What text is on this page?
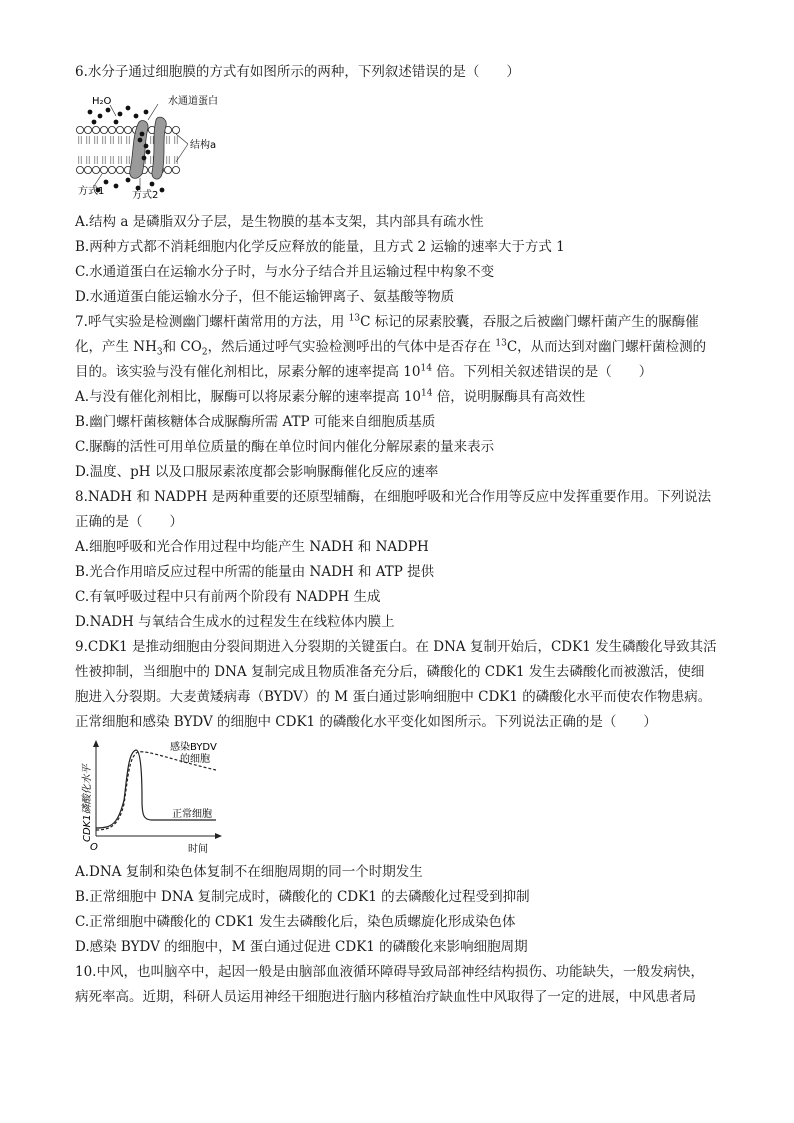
6.水分子通过细胞膜的方式有如图所示的两种，下列叙述错误的是（　　）
H₂O	水通道蛋白
结构a
方式1	方式2
A.结构 a 是磷脂双分子层，是生物膜的基本支架，其内部具有疏水性
B.两种方式都不消耗细胞内化学反应释放的能量，且方式 2 运输的速率大于方式 1
C.水通道蛋白在运输水分子时，与水分子结合并且运输过程中构象不变
D.水通道蛋白能运输水分子，但不能运输钾离子、氨基酸等物质
7.呼气实验是检测幽门螺杆菌常用的方法，用 $^{13}$C 标记的尿素胶囊，吞服之后被幽门螺杆菌产生的脲酶催
化，产生 $NH_3$和 $CO_2$，然后通过呼气实验检测呼出的气体中是否存在 $^{13}$C，从而达到对幽门螺杆菌检测的
目的。该实验与没有催化剂相比，尿素分解的速率提高 $10^{14}$ 倍。下列相关叙述错误的是（　　）
A.与没有催化剂相比，脲酶可以将尿素分解的速率提高 $10^{14}$ 倍，说明脲酶具有高效性
B.幽门螺杆菌核糖体合成脲酶所需 ATP 可能来自细胞质基质
C.脲酶的活性可用单位质量的酶在单位时间内催化分解尿素的量来表示
D.温度、pH 以及口服尿素浓度都会影响脲酶催化反应的速率
8.NADH 和 NADPH 是两种重要的还原型辅酶，在细胞呼吸和光合作用等反应中发挥重要作用。下列说法
正确的是（　　）
A.细胞呼吸和光合作用过程中均能产生 NADH 和 NADPH
B.光合作用暗反应过程中所需的能量由 NADH 和 ATP 提供
C.有氧呼吸过程中只有前两个阶段有 NADPH 生成
D.NADH 与氧结合生成水的过程发生在线粒体内膜上
9.CDK1 是推动细胞由分裂间期进入分裂期的关键蛋白。在 DNA 复制开始后，CDK1 发生磷酸化导致其活
性被抑制，当细胞中的 DNA 复制完成且物质准备充分后，磷酸化的 CDK1 发生去磷酸化而被激活，使细
胞进入分裂期。大麦黄矮病毒（BYDV）的 M 蛋白通过影响细胞中 CDK1 的磷酸化水平而使农作物患病。
正常细胞和感染 BYDV 的细胞中 CDK1 的磷酸化水平变化如图所示。下列说法正确的是（　　）
CDK1磷酸化水平
O	时间
感染BYDV
的细胞
正常细胞
A.DNA 复制和染色体复制不在细胞周期的同一个时期发生
B.正常细胞中 DNA 复制完成时，磷酸化的 CDK1 的去磷酸化过程受到抑制
C.正常细胞中磷酸化的 CDK1 发生去磷酸化后，染色质螺旋化形成染色体
D.感染 BYDV 的细胞中，M 蛋白通过促进 CDK1 的磷酸化来影响细胞周期
10.中风，也叫脑卒中，起因一般是由脑部血液循环障碍导致局部神经结构损伤、功能缺失，一般发病快，
病死率高。近期，科研人员运用神经干细胞进行脑内移植治疗缺血性中风取得了一定的进展，中风患者局
